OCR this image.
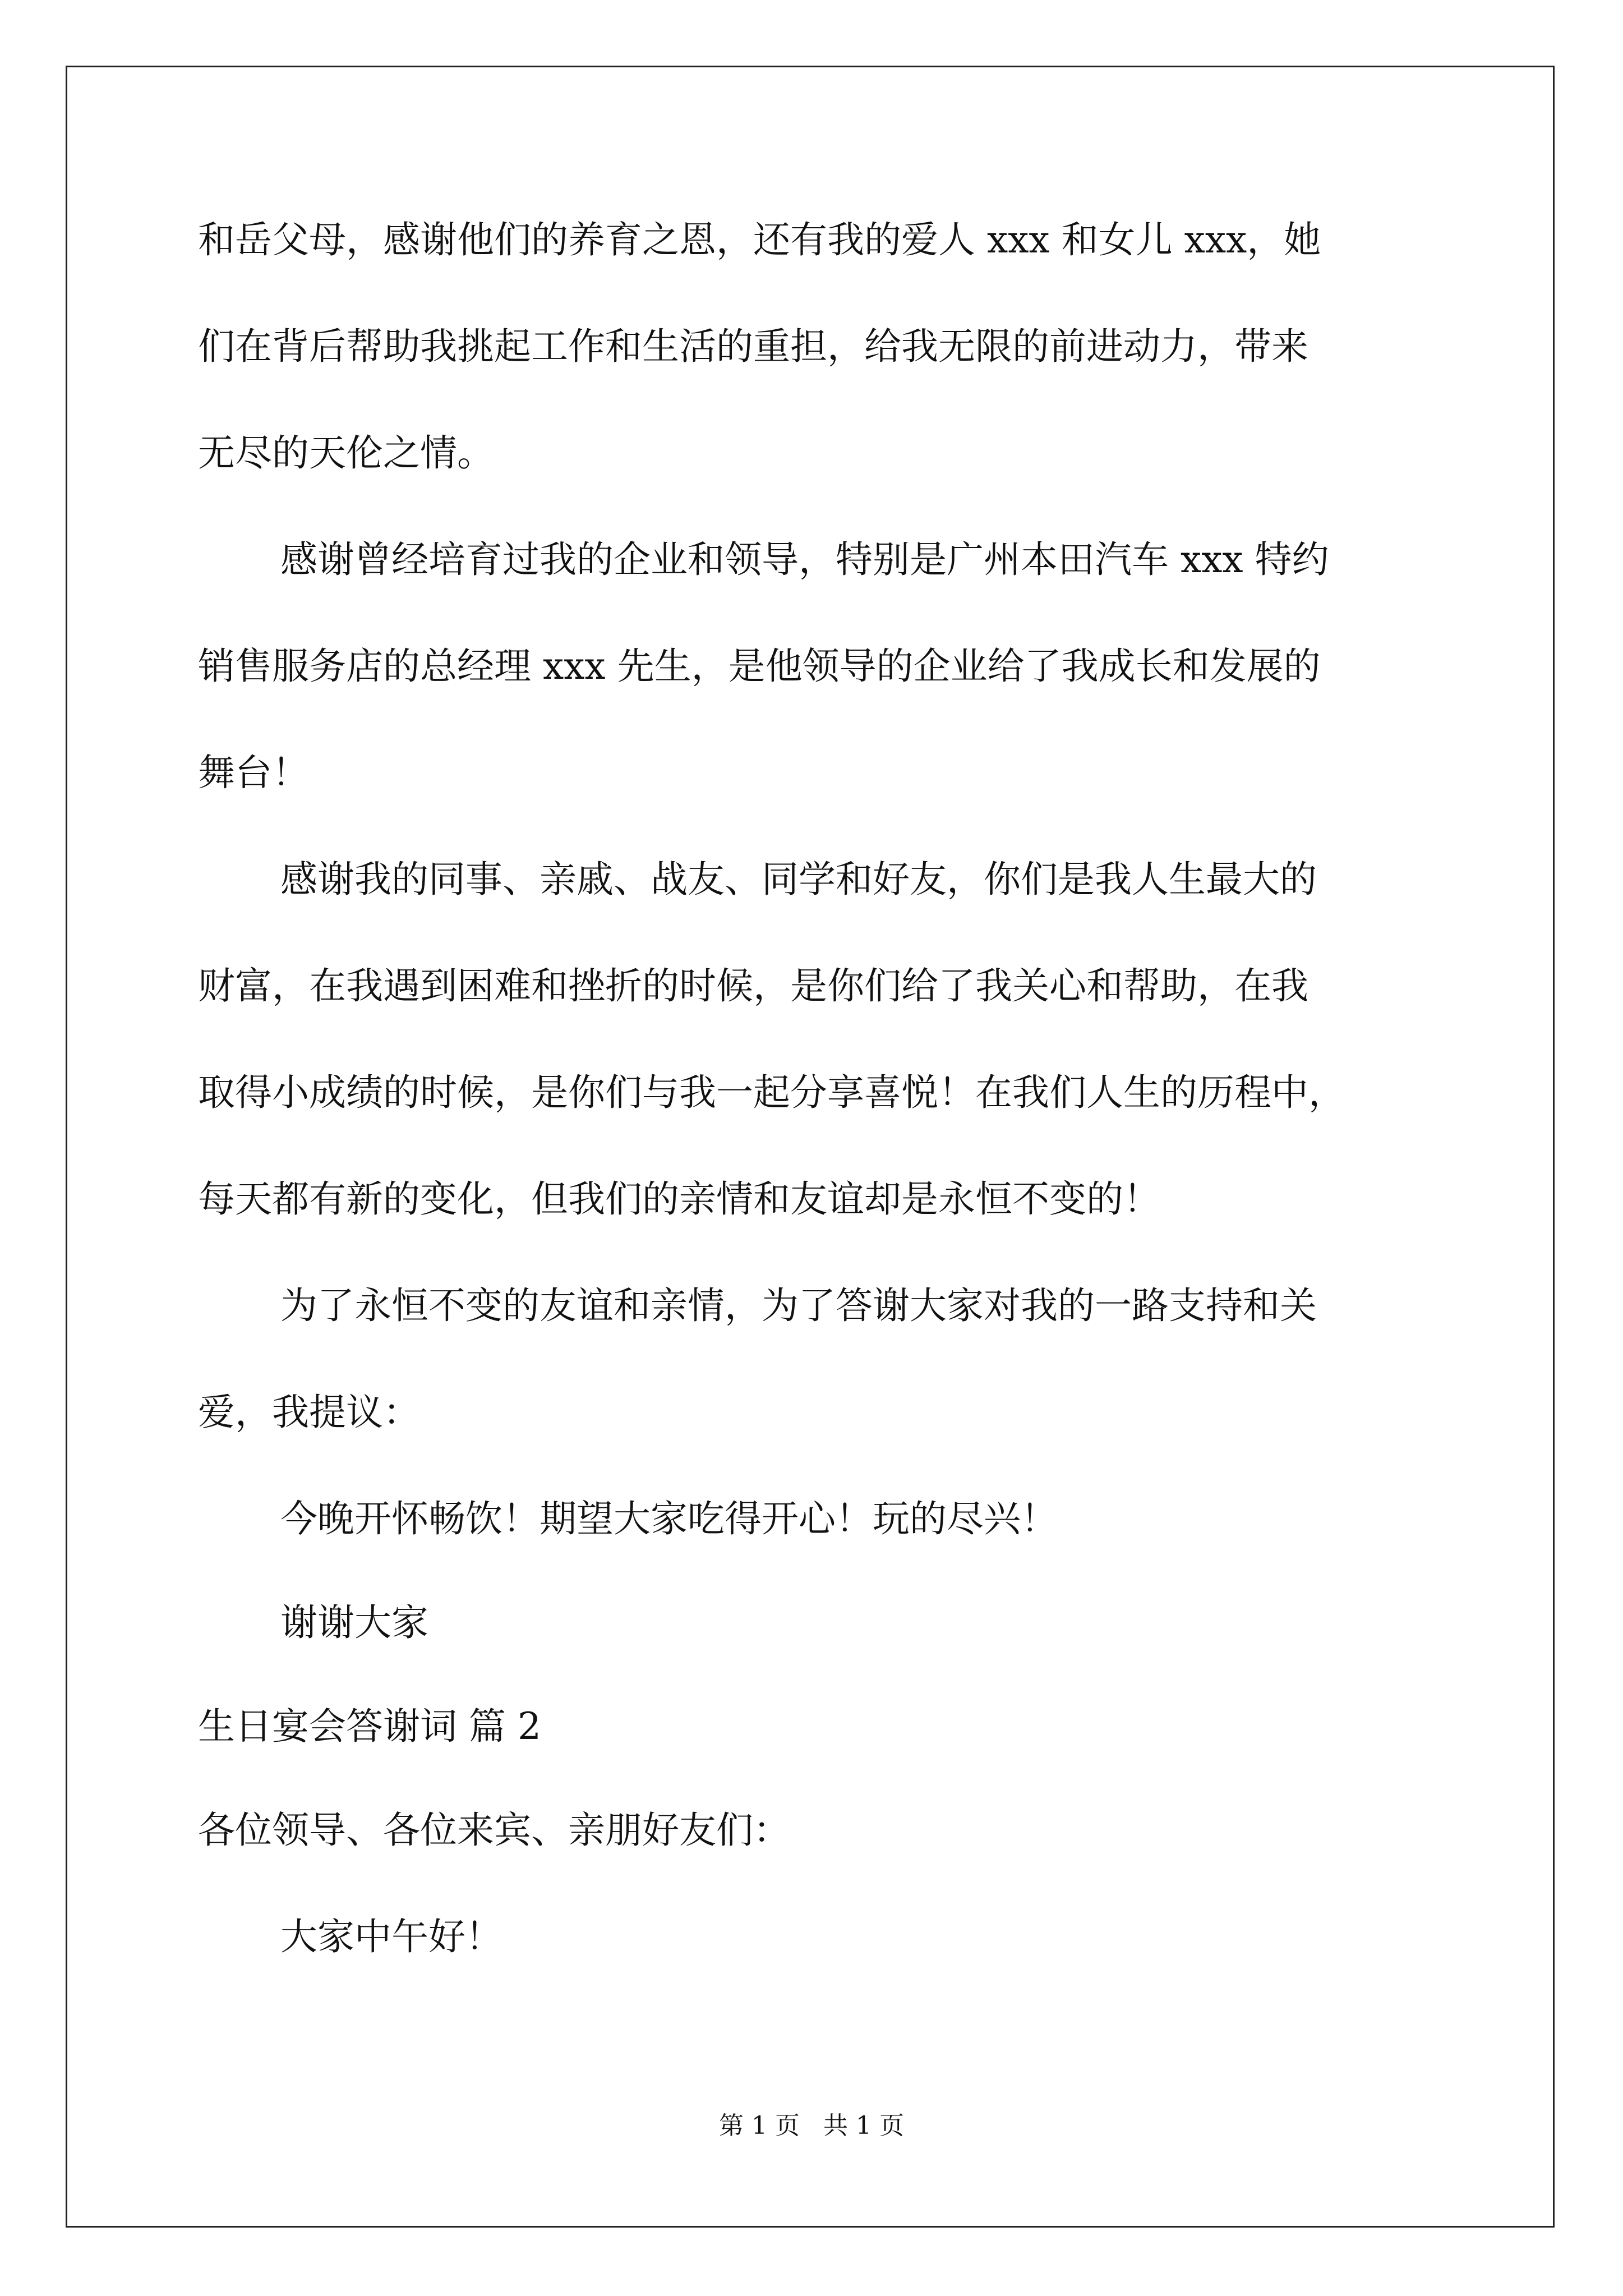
和岳父母，感谢他们的养育之恩，还有我的爱人 xxx 和女儿 xxx，她
们在背后帮助我挑起工作和生活的重担，给我无限的前进动力，带来
无尽的天伦之情。
感谢曾经培育过我的企业和领导，特别是广州本田汽车 xxx 特约
销售服务店的总经理 xxx 先生，是他领导的企业给了我成长和发展的
舞台！
感谢我的同事、亲戚、战友、同学和好友，你们是我人生最大的
财富，在我遇到困难和挫折的时候，是你们给了我关心和帮助，在我
取得小成绩的时候，是你们与我一起分享喜悦！在我们人生的历程中，
每天都有新的变化，但我们的亲情和友谊却是永恒不变的！
为了永恒不变的友谊和亲情，为了答谢大家对我的一路支持和关
爱，我提议：
今晚开怀畅饮！期望大家吃得开心！玩的尽兴！
谢谢大家
生日宴会答谢词 篇 2
各位领导、各位来宾、亲朋好友们：
大家中午好！
第 1 页   共 1 页
